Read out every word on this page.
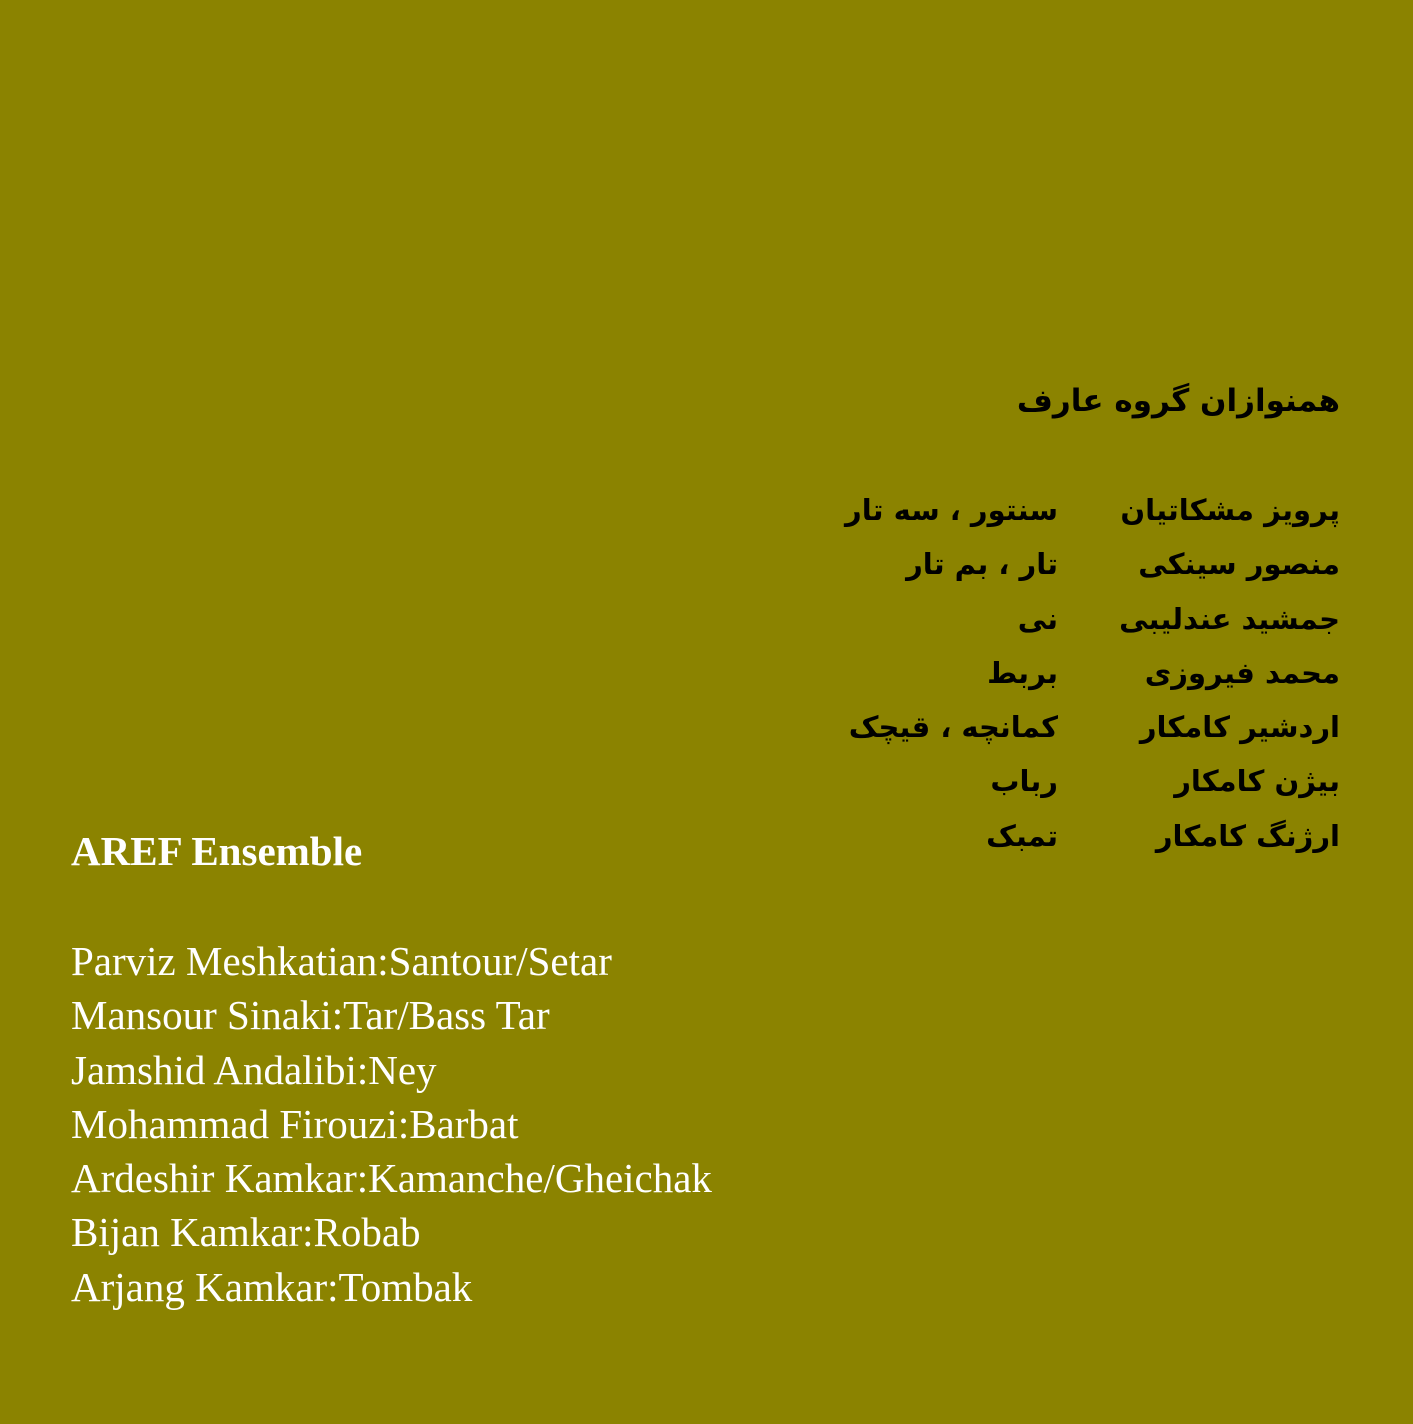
همنوازان گروه عارف
پرویز مشکاتیان
سنتور ، سه تار
منصور سینکی
تار ، بم تار
جمشید عندلیبی
نی
محمد فیروزی
بربط
اردشیر کامکار
کمانچه ، قیچک
بیژن کامکار
رباب
ارژنگ کامکار
تمبک
AREF Ensemble
Parviz Meshkatian:Santour/Setar
Mansour Sinaki:Tar/Bass Tar
Jamshid Andalibi:Ney
Mohammad Firouzi:Barbat
Ardeshir Kamkar:Kamanche/Gheichak
Bijan Kamkar:Robab
Arjang Kamkar:Tombak
